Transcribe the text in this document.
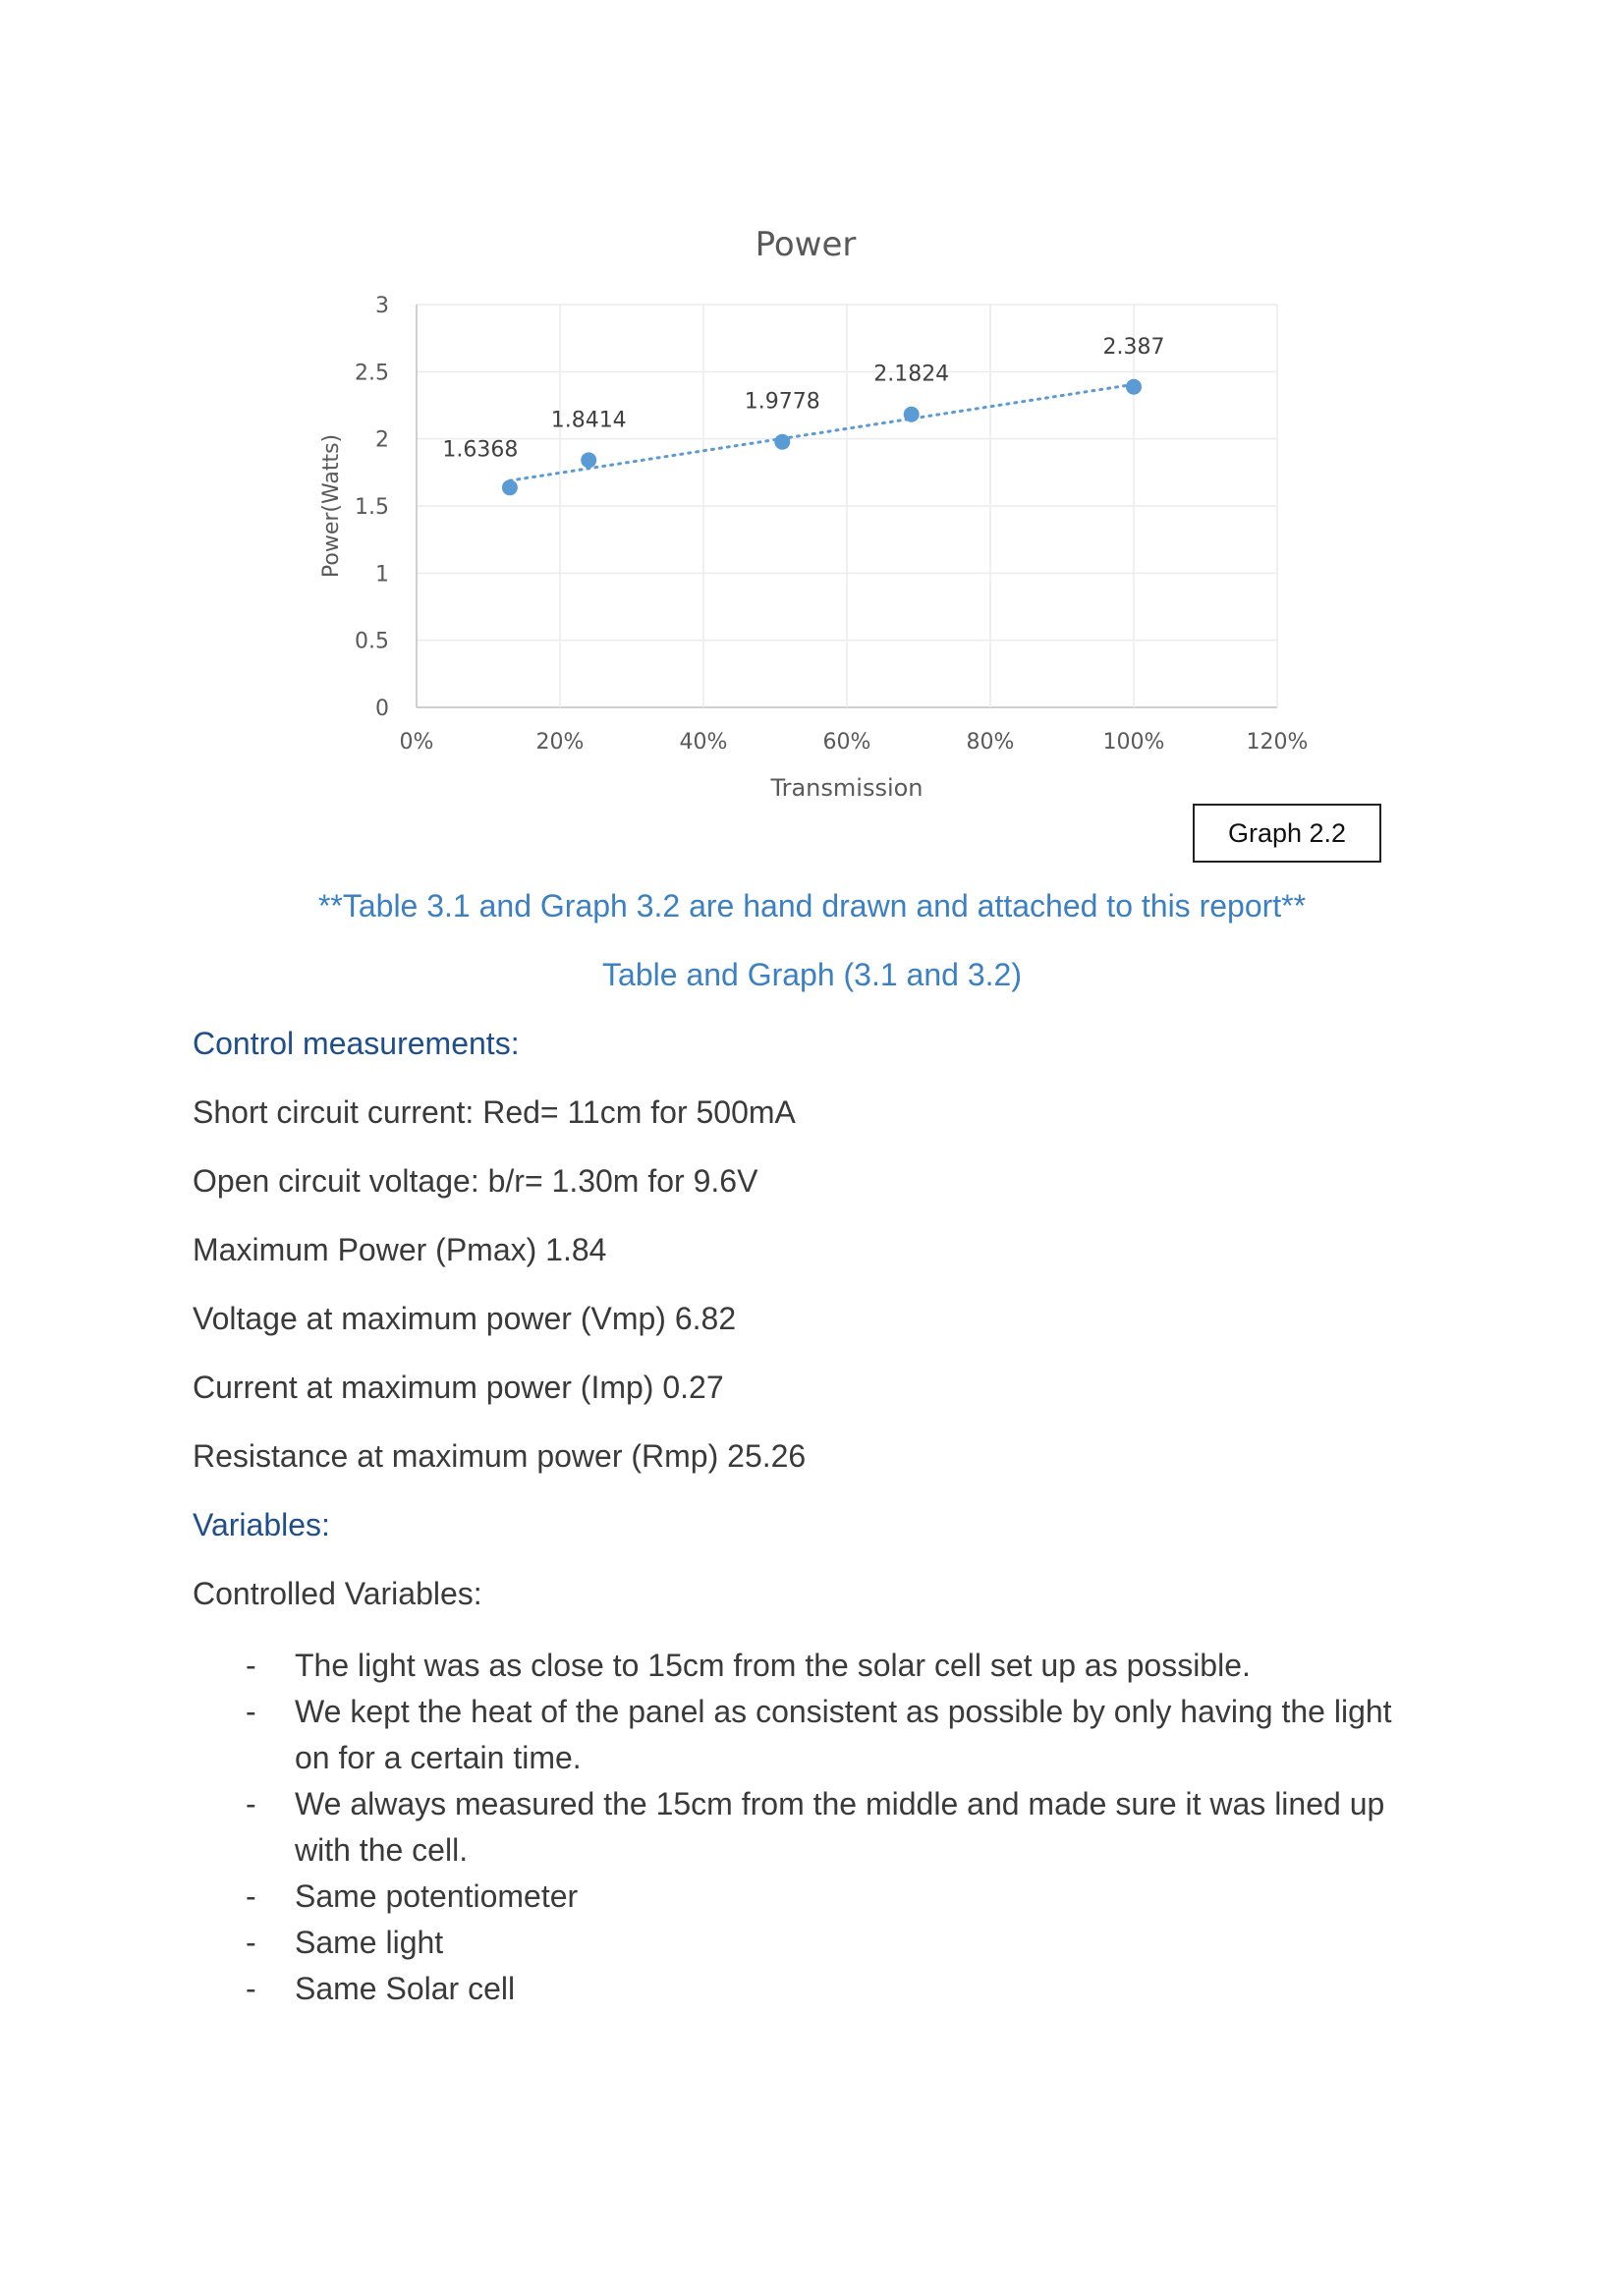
Power
Power(Watts)
Transmission
0
0.5
1
1.5
2
2.5
3
0%	20%	40%	60%	80%	100%	120%
1.6368
1.8414
1.9778
2.1824
2.387
Graph 2.2
**Table 3.1 and Graph 3.2 are hand drawn and attached to this report**
Table and Graph (3.1 and 3.2)
Control measurements:
Short circuit current: Red= 11cm for 500mA
Open circuit voltage: b/r= 1.30m for 9.6V
Maximum Power (Pmax) 1.84
Voltage at maximum power (Vmp) 6.82
Current at maximum power (Imp) 0.27
Resistance at maximum power (Rmp) 25.26
Variables:
Controlled Variables:
- The light was as close to 15cm from the solar cell set up as possible.
- We kept the heat of the panel as consistent as possible by only having the light on for a certain time.
- We always measured the 15cm from the middle and made sure it was lined up with the cell.
- Same potentiometer
- Same light
- Same Solar cell
